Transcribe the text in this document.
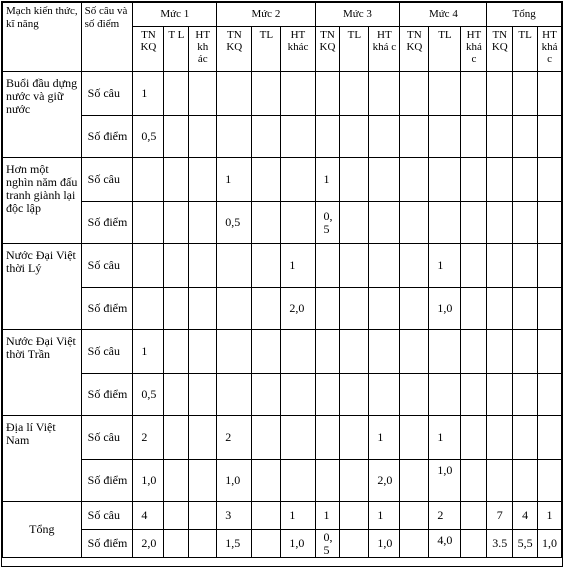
Mạch kiến thức, kĩ năng	Số câu và số điểm	Mức 1			Mức 2			Mức 3			Mức 4			Tổng		
		TN KQ	T L	HT kh ác	TN KQ	TL	HT khác	TN KQ	TL	HT khá c	TN KQ	TL	HT khá c	TN KQ	TL	HT khá c
Buổi đầu dựng nước và giữ nước	Số câu	1														
	Số điểm	0,5														
Hơn một nghìn năm đấu tranh giành lại độc lập	Số câu				1			1								
	Số điểm				0,5			0,5								
Nước Đại Việt thời Lý	Số câu						1					1				
	Số điểm						2,0					1,0				
Nước Đại Việt thời Trần	Số câu	1														
	Số điểm	0,5														
Địa lí Việt Nam	Số câu	2			2					1		1				
	Số điểm	1,0			1,0					2,0		1,0				
Tổng	Số câu	4			3		1	1		1		2		7	4	1
	Số điểm	2,0			1,5		1,0	0,5		1,0		4,0		3.5	5,5	1,0
